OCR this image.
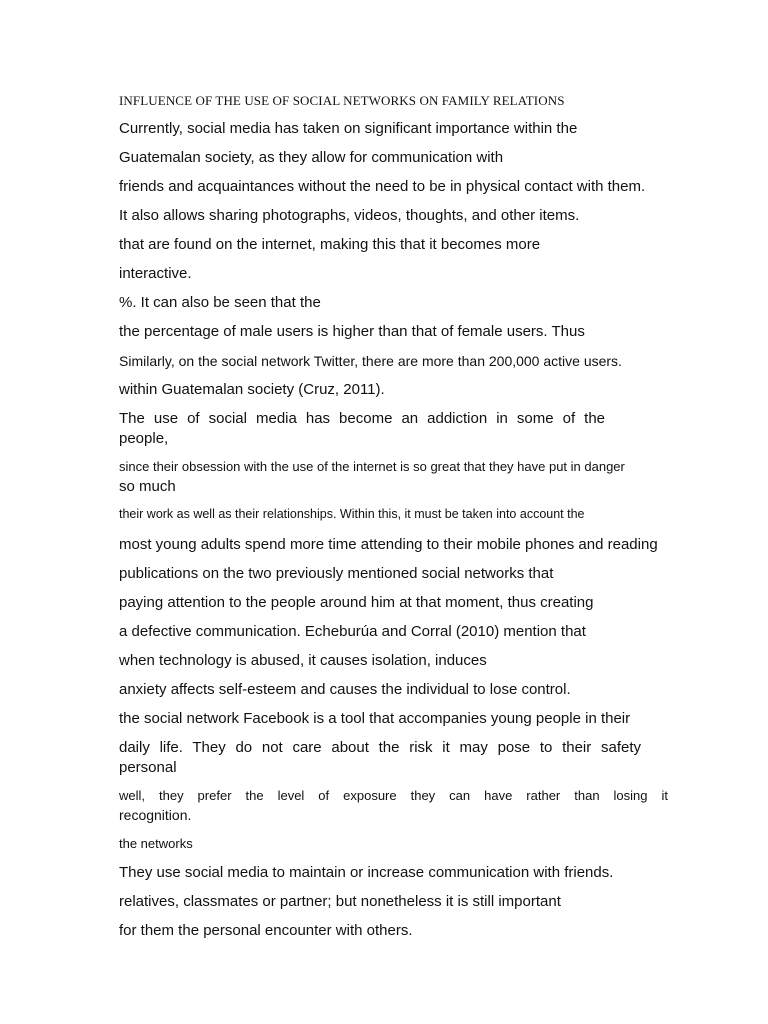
INFLUENCE OF THE USE OF SOCIAL NETWORKS ON FAMILY RELATIONS
Currently, social media has taken on significant importance within the
Guatemalan society, as they allow for communication with
friends and acquaintances without the need to be in physical contact with them.
It also allows sharing photographs, videos, thoughts, and other items.
that are found on the internet, making this that it becomes more
interactive.
%. It can also be seen that the
the percentage of male users is higher than that of female users. Thus
Similarly, on the social network Twitter, there are more than 200,000 active users.
within Guatemalan society (Cruz, 2011).
The use of social media has become an addiction in some of the
people,
since their obsession with the use of the internet is so great that they have put in danger
so much
their work as well as their relationships. Within this, it must be taken into account the
most young adults spend more time attending to their mobile phones and reading
publications on the two previously mentioned social networks that
paying attention to the people around him at that moment, thus creating
a defective communication. Echeburúa and Corral (2010) mention that
when technology is abused, it causes isolation, induces
anxiety affects self-esteem and causes the individual to lose control.
the social network Facebook is a tool that accompanies young people in their
daily life. They do not care about the risk it may pose to their safety
personal
well, they prefer the level of exposure they can have rather than losing it
recognition.
the networks
They use social media to maintain or increase communication with friends.
relatives, classmates or partner; but nonetheless it is still important
for them the personal encounter with others.
